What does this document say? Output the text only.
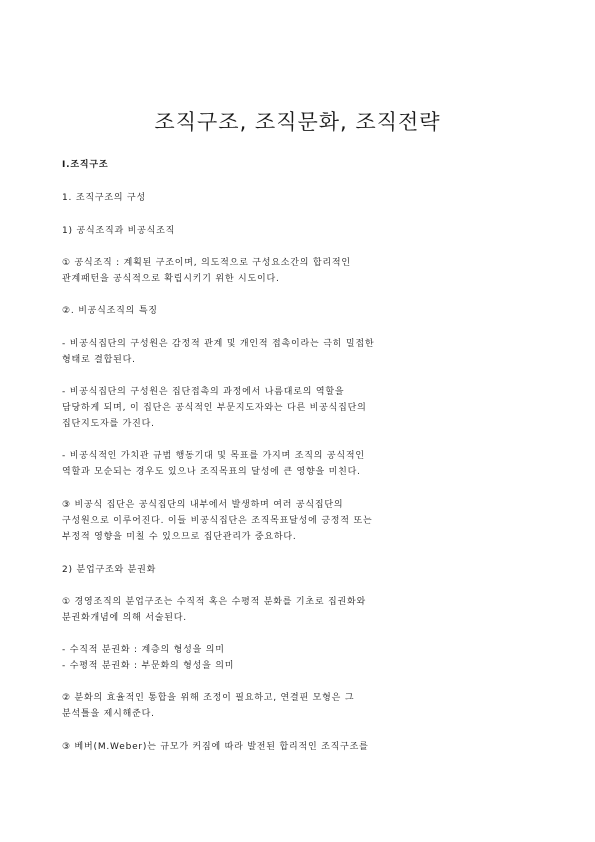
조직구조, 조직문화, 조직전략
Ⅰ.조직구조
1. 조직구조의 구성
1) 공식조직과 비공식조직
① 공식조직 : 계획된 구조이며, 의도적으로 구성요소간의 합리적인
관계패턴을 공식적으로 확립시키기 위한 시도이다.
②. 비공식조직의 특징
- 비공식집단의 구성원은 감정적 관계 및 개인적 접촉이라는 극히 밀접한
형태로 결합된다.
- 비공식집단의 구성원은 집단접촉의 과정에서 나름대로의 역할을
담당하게 되며, 이 집단은 공식적인 부문지도자와는 다른 비공식집단의
집단지도자를 가진다.
- 비공식적인 가치관 규범 행동기대 및 목표를 가지며 조직의 공식적인
역할과 모순되는 경우도 있으나 조직목표의 달성에 큰 영향을 미친다.
③ 비공식 집단은 공식집단의 내부에서 발생하며 여러 공식집단의
구성원으로 이루어진다. 이들 비공식집단은 조직목표달성에 긍정적 또는
부정적 영향을 미칠 수 있으므로 집단관리가 중요하다.
2) 분업구조와 분권화
① 경영조직의 분업구조는 수직적 혹은 수평적 분화를 기초로 집권화와
분권화개념에 의해 서술된다.
- 수직적 분권화 : 계층의 형성을 의미
- 수평적 분권화 : 부문화의 형성을 의미
② 분화의 효율적인 통합을 위해 조정이 필요하고, 연결핀 모형은 그
분석틀을 제시해준다.
③ 베버(M.Weber)는 규모가 커짐에 따라 발전된 합리적인 조직구조를
